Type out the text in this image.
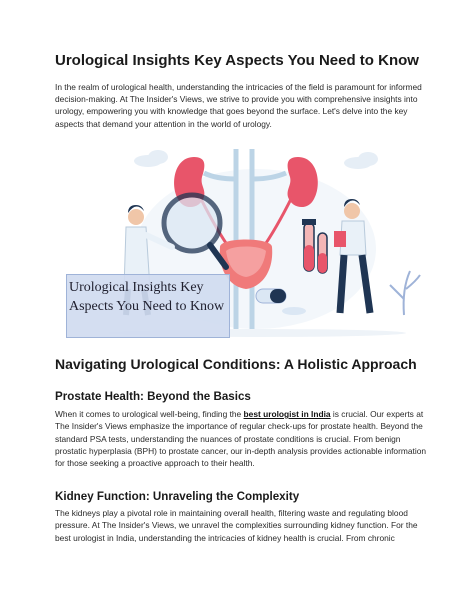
Urological Insights Key Aspects You Need to Know

In the realm of urological health, understanding the intricacies of the field is paramount for informed decision-making. At The Insider's Views, we strive to provide you with comprehensive insights into urology, empowering you with knowledge that goes beyond the surface. Let's delve into the key aspects that demand your attention in the world of urology.

Urological Insights Key Aspects You Need to Know
Navigating Urological Conditions: A Holistic Approach
Prostate Health: Beyond the Basics

When it comes to urological well-being, finding the best urologist in India is crucial. Our experts at The Insider's Views emphasize the importance of regular check-ups for prostate health. Beyond the standard PSA tests, understanding the nuances of prostate conditions is crucial. From benign prostatic hyperplasia (BPH) to prostate cancer, our in-depth analysis provides actionable information for those seeking a proactive approach to their health.

Kidney Function: Unraveling the Complexity

The kidneys play a pivotal role in maintaining overall health, filtering waste and regulating blood pressure. At The Insider's Views, we unravel the complexities surrounding kidney function. For the best urologist in India, understanding the intricacies of kidney health is crucial. From chronic
